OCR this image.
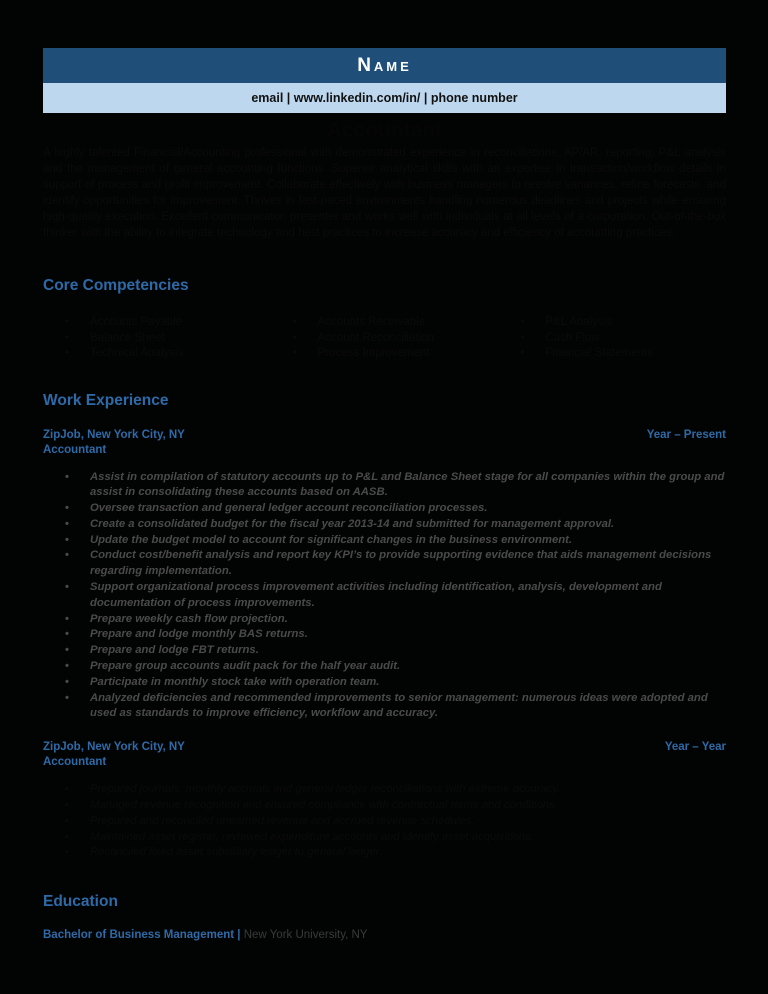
Name
email | www.linkedin.com/in/ | phone number
Accountant
A highly talented Financial/Accounting professional with demonstrated experience in reconciliations, AP/AR, reporting, P&L analysis and the management of general accounting functions. Superior analytical skills with an expertise in transaction/workflow details in support of process and profit improvement. Collaborate effectively with business managers to resolve variances, refine forecasts, and identify opportunities for improvement. Thrives in fast-paced environments handling numerous deadlines and projects while ensuring high-quality execution. Excellent communicator, presenter and works well with individuals at all levels of a corporation. Out-of-the-box thinker with the ability to integrate technology and best practices to increase accuracy and efficiency of accounting practices.
Core Competencies
• Accounts Payable
• Balance Sheet
• Technical Analysis
• Accounts Receivable
• Account Reconciliation
• Process Improvement
• P&L Analysis
• Cash Flow
• Financial Statements
Work Experience
ZipJob, New York City, NY	Year – Present
Accountant
• Assist in compilation of statutory accounts up to P&L and Balance Sheet stage for all companies within the group and assist in consolidating these accounts based on AASB.
• Oversee transaction and general ledger account reconciliation processes.
• Create a consolidated budget for the fiscal year 2013-14 and submitted for management approval.
• Update the budget model to account for significant changes in the business environment.
• Conduct cost/benefit analysis and report key KPI’s to provide supporting evidence that aids management decisions regarding implementation.
• Support organizational process improvement activities including identification, analysis, development and documentation of process improvements.
• Prepare weekly cash flow projection.
• Prepare and lodge monthly BAS returns.
• Prepare and lodge FBT returns.
• Prepare group accounts audit pack for the half year audit.
• Participate in monthly stock take with operation team.
• Analyzed deficiencies and recommended improvements to senior management: numerous ideas were adopted and used as standards to improve efficiency, workflow and accuracy.
ZipJob, New York City, NY	Year – Year
Accountant
• Prepared journals, monthly accruals and general ledger reconciliations with extreme accuracy.
• Managed revenue recognition and ensured compliance with contractual terms and conditions.
• Prepared and reconciled unearned revenue and accrued revenue schedules.
• Maintained asset register, reviewed expenditure accounts and identify asset acquisitions.
• Reconciled fixed asset subsidiary ledger to general ledger.
Education
Bachelor of Business Management | New York University, NY
